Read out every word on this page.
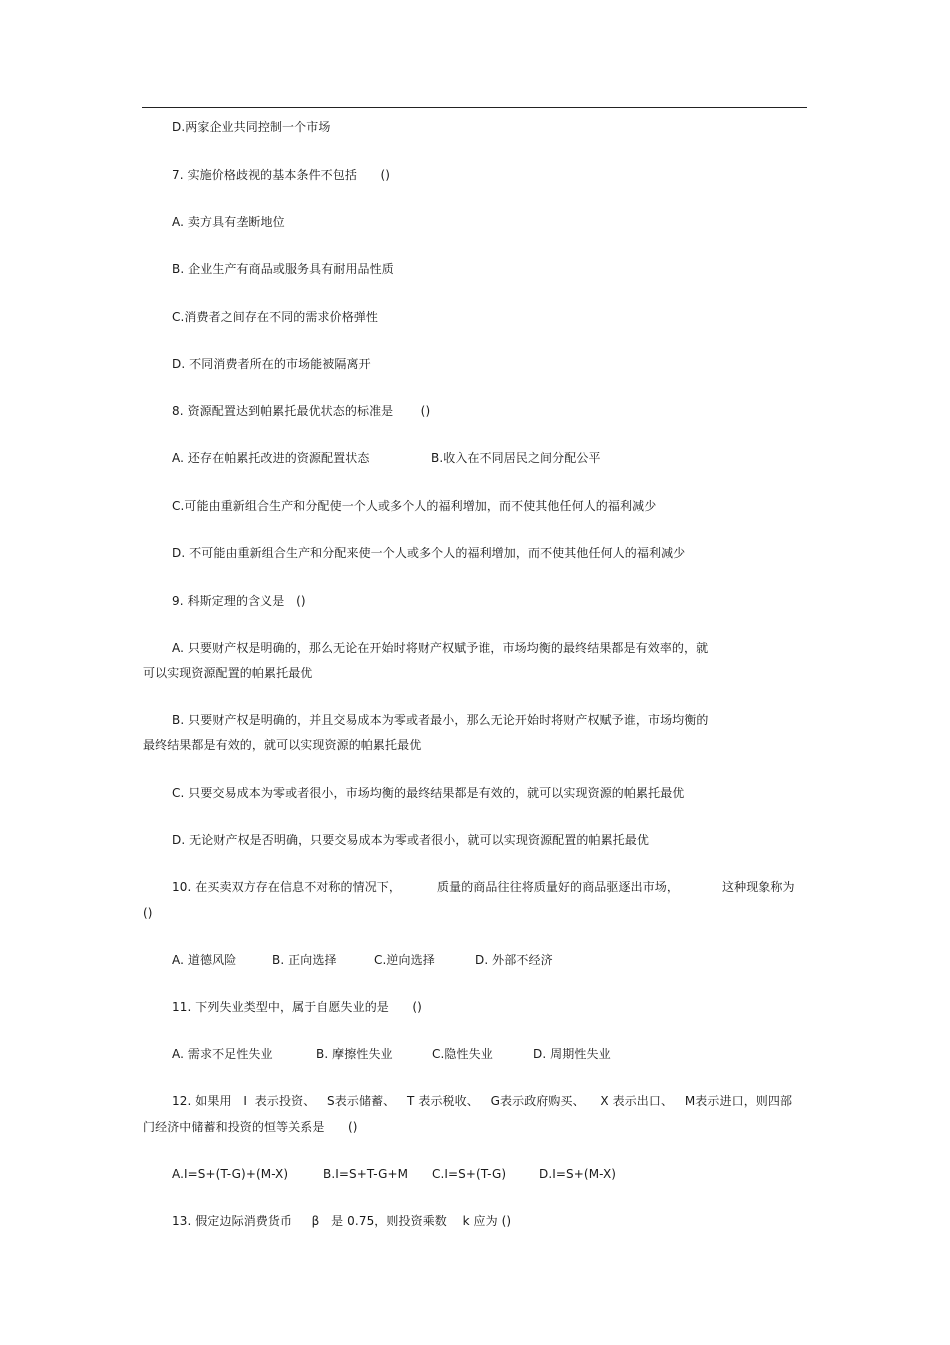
D.两家企业共同控制一个市场
7. 实施价格歧视的基本条件不包括      ()
A. 卖方具有垄断地位
B. 企业生产有商品或服务具有耐用品性质
C.消费者之间存在不同的需求价格弹性
D. 不同消费者所在的市场能被隔离开
8. 资源配置达到帕累托最优状态的标准是       ()
A. 还存在帕累托改进的资源配置状态	B.收入在不同居民之间分配公平
C.可能由重新组合生产和分配使一个人或多个人的福利增加，而不使其他任何人的福利减少
D. 不可能由重新组合生产和分配来使一个人或多个人的福利增加，而不使其他任何人的福利减少
9. 科斯定理的含义是   ()
A. 只要财产权是明确的，那么无论在开始时将财产权赋予谁，市场均衡的最终结果都是有效率的，就
可以实现资源配置的帕累托最优
B. 只要财产权是明确的，并且交易成本为零或者最小，那么无论开始时将财产权赋予谁，市场均衡的
最终结果都是有效的，就可以实现资源的帕累托最优
C. 只要交易成本为零或者很小，市场均衡的最终结果都是有效的，就可以实现资源的帕累托最优
D. 无论财产权是否明确，只要交易成本为零或者很小，就可以实现资源配置的帕累托最优
10. 在买卖双方存在信息不对称的情况下，	质量的商品往往将质量好的商品驱逐出市场，	这种现象称为
()
A. 道德风险	B. 正向选择	C.逆向选择	D. 外部不经济
11. 下列失业类型中，属于自愿失业的是      ()
A. 需求不足性失业	B. 摩擦性失业	C.隐性失业	D. 周期性失业
12. 如果用   I  表示投资、   S表示储蓄、   T 表示税收、   G表示政府购买、    X 表示出口、   M表示进口，则四部
门经济中储蓄和投资的恒等关系是      ()
A.I=S+(T-G)+(M-X)	B.I=S+T-G+M C.I=S+(T-G)	D.I=S+(M-X)
13. 假定边际消费货币     β   是 0.75，则投资乘数    k 应为 ()
